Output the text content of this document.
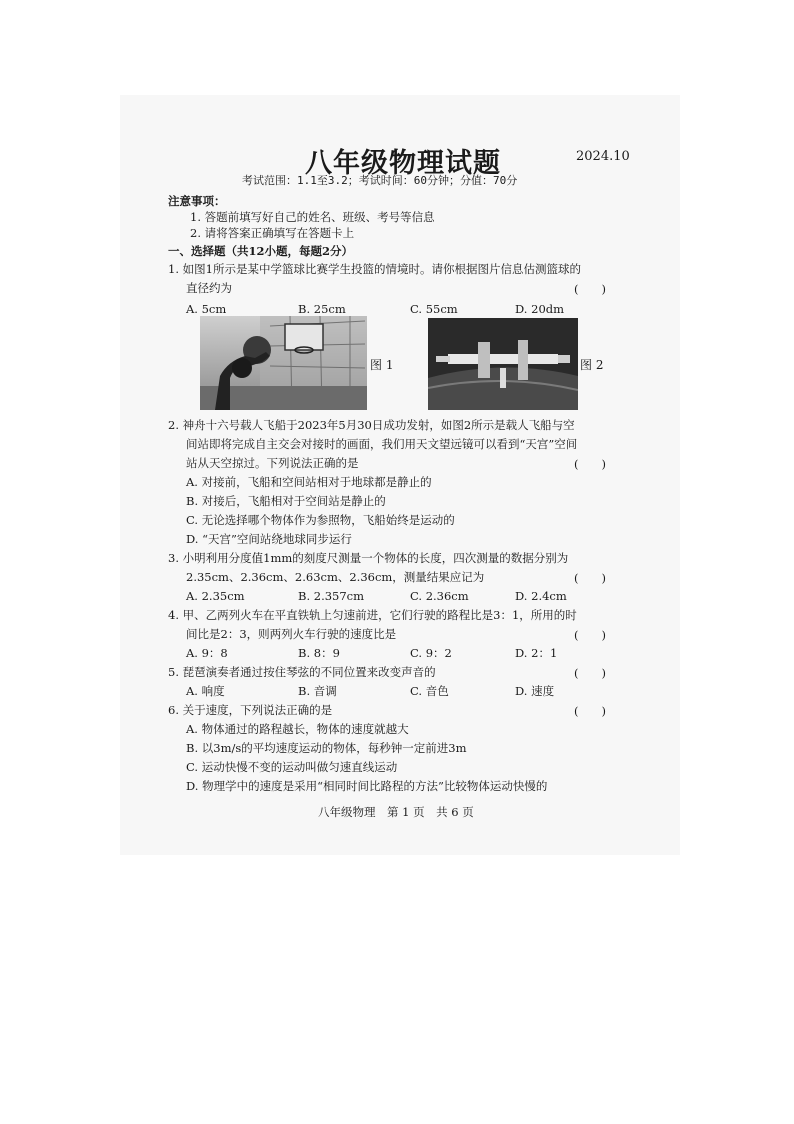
八年级物理试题	2024.10
考试范围：1.1至3.2；考试时间：60分钟；分值：70分
注意事项：
1. 答题前填写好自己的姓名、班级、考号等信息
2. 请将答案正确填写在答题卡上
一、选择题（共12小题，每题2分）
1. 如图1所示是某中学篮球比赛学生投篮的情境时。请你根据图片信息估测篮球的
直径约为	(　　)
A. 5cm	B. 25cm	C. 55cm	D. 20dm
图 1	图 2
2. 神舟十六号载人飞船于2023年5月30日成功发射，如图2所示是载人飞船与空
间站即将完成自主交会对接时的画面，我们用天文望远镜可以看到“天宫”空间
站从天空掠过。下列说法正确的是	(　　)
A. 对接前，飞船和空间站相对于地球都是静止的
B. 对接后，飞船相对于空间站是静止的
C. 无论选择哪个物体作为参照物，飞船始终是运动的
D. “天宫”空间站绕地球同步运行
3. 小明利用分度值1mm的刻度尺测量一个物体的长度，四次测量的数据分别为
2.35cm、2.36cm、2.63cm、2.36cm，测量结果应记为	(　　)
A. 2.35cm	B. 2.357cm	C. 2.36cm	D. 2.4cm
4. 甲、乙两列火车在平直铁轨上匀速前进，它们行驶的路程比是3：1，所用的时
间比是2：3，则两列火车行驶的速度比是	(　　)
A. 9：8	B. 8：9	C. 9：2	D. 2：1
5. 琵琶演奏者通过按住琴弦的不同位置来改变声音的	(　　)
A. 响度	B. 音调	C. 音色	D. 速度
6. 关于速度，下列说法正确的是	(　　)
A. 物体通过的路程越长，物体的速度就越大
B. 以3m/s的平均速度运动的物体，每秒钟一定前进3m
C. 运动快慢不变的运动叫做匀速直线运动
D. 物理学中的速度是采用“相同时间比路程的方法”比较物体运动快慢的
八年级物理　第 1 页　共 6 页
